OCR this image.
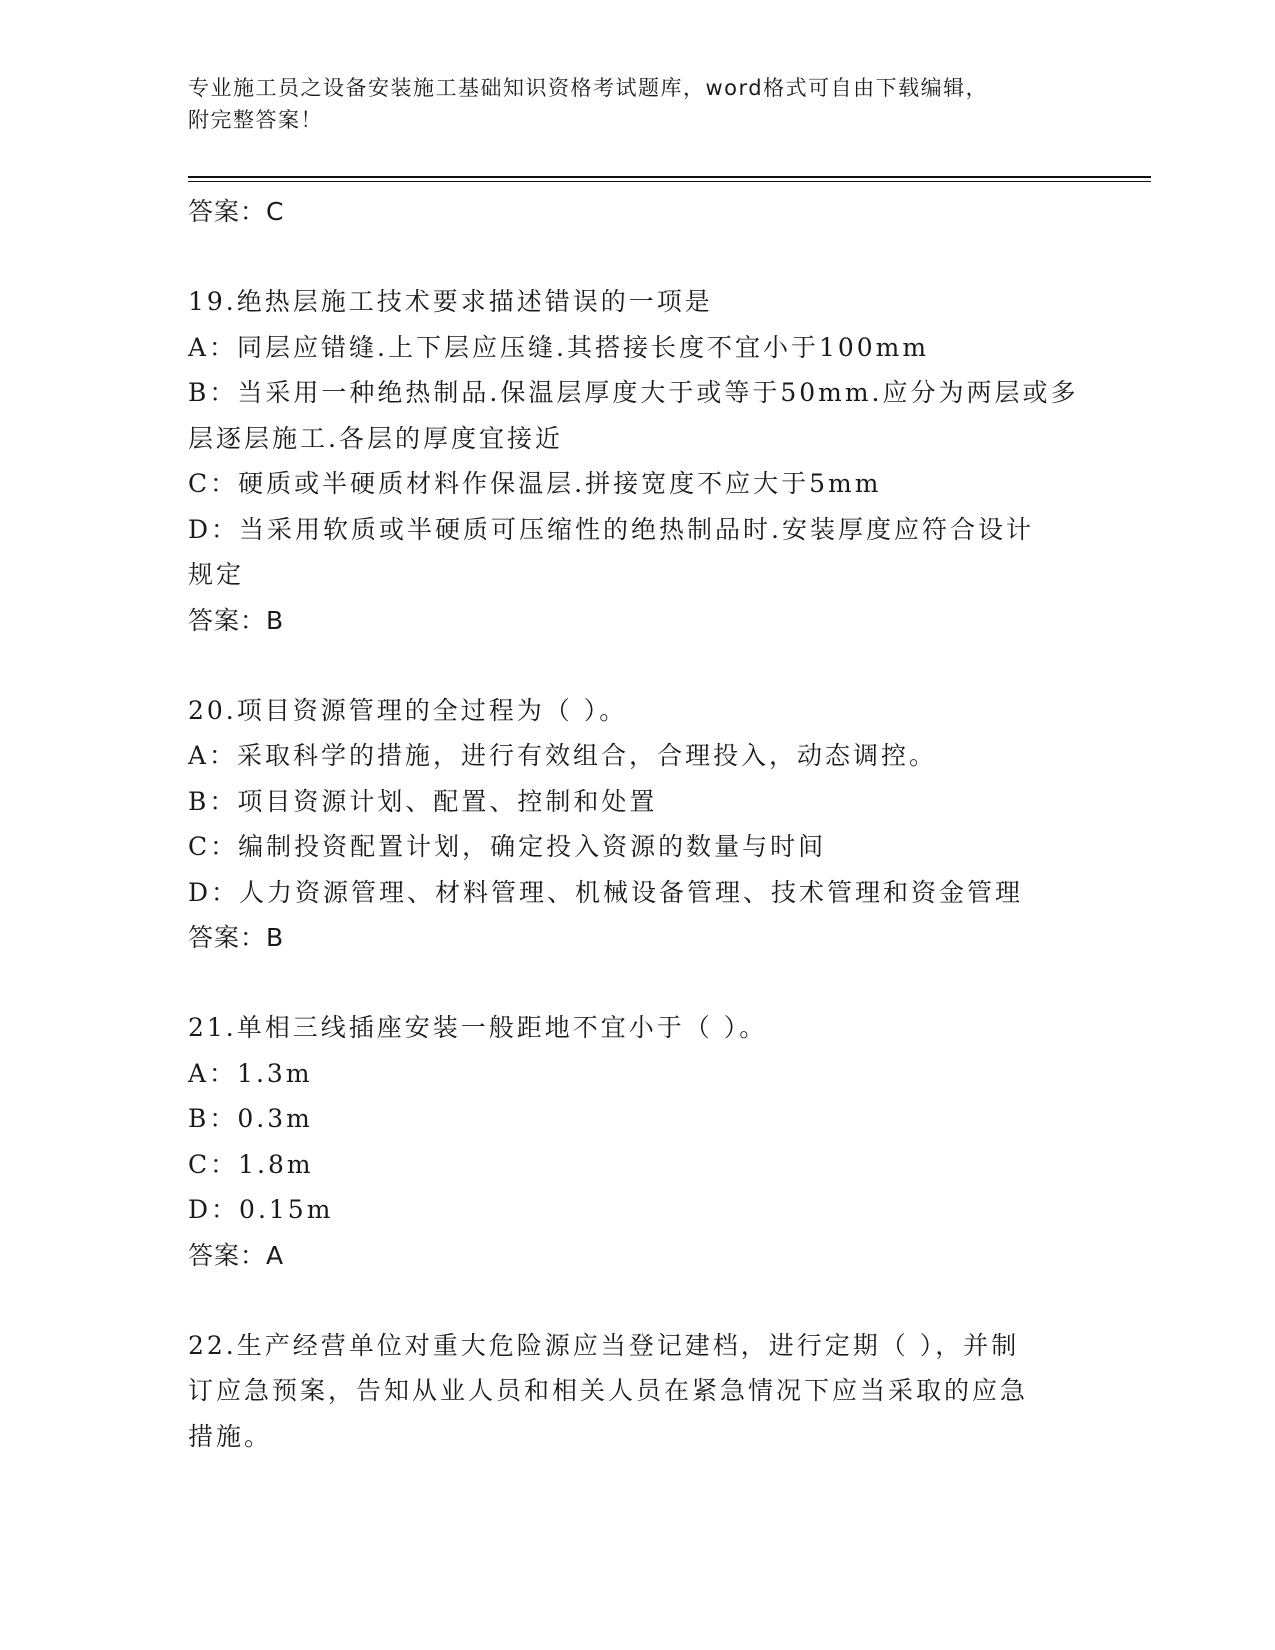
专业施工员之设备安装施工基础知识资格考试题库，word格式可自由下载编辑，
附完整答案！
答案：C
19.绝热层施工技术要求描述错误的一项是
A：同层应错缝.上下层应压缝.其搭接长度不宜小于100mm
B：当采用一种绝热制品.保温层厚度大于或等于50mm.应分为两层或多
层逐层施工.各层的厚度宜接近
C：硬质或半硬质材料作保温层.拼接宽度不应大于5mm
D：当采用软质或半硬质可压缩性的绝热制品时.安装厚度应符合设计
规定
答案：B
20.项目资源管理的全过程为（ ）。
A：采取科学的措施，进行有效组合，合理投入，动态调控。
B：项目资源计划、配置、控制和处置
C：编制投资配置计划，确定投入资源的数量与时间
D：人力资源管理、材料管理、机械设备管理、技术管理和资金管理
答案：B
21.单相三线插座安装一般距地不宜小于（ ）。
A：1.3m
B：0.3m
C：1.8m
D：0.15m
答案：A
22.生产经营单位对重大危险源应当登记建档，进行定期（ ），并制
订应急预案，告知从业人员和相关人员在紧急情况下应当采取的应急
措施。
